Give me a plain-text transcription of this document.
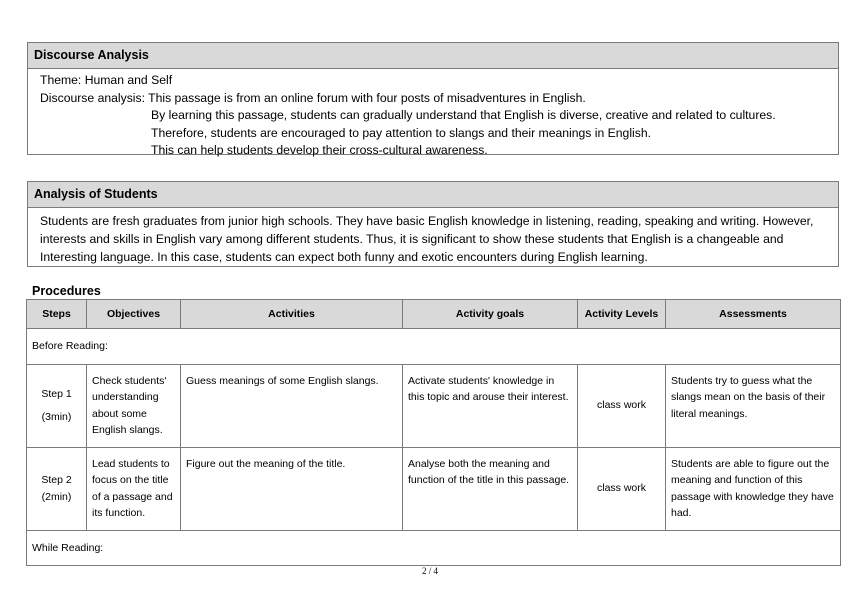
Discourse Analysis
Theme: Human and Self
Discourse analysis: This passage is from an online forum with four posts of misadventures in English.
By learning this passage, students can gradually understand that English is diverse, creative and related to cultures.
Therefore, students are encouraged to pay attention to slangs and their meanings in English.
This can help students develop their cross-cultural awareness.
Analysis of Students
Students are fresh graduates from junior high schools. They have basic English knowledge in listening, reading, speaking and writing. However, interests and skills in English vary among different students. Thus, it is significant to show these students that English is a changeable and Interesting language. In this case, students can expect both funny and exotic encounters during English learning.
Procedures
Steps	Objectives	Activities	Activity goals	Activity Levels	Assessments
Before Reading:					

Step 1
(3min)	Check students' understanding about some English slangs.	Guess meanings of some English slangs.	Activate students' knowledge in this topic and arouse their interest.	class work	Students try to guess what the slangs mean on the basis of their literal meanings.

Step 2
(2min)	Lead students to focus on the title of a passage and its function.	Figure out the meaning of the title.	Analyse both the meaning and function of the title in this passage.	class work	Students are able to figure out the meaning and function of this passage with knowledge they have had.
While Reading:					
2 / 4
